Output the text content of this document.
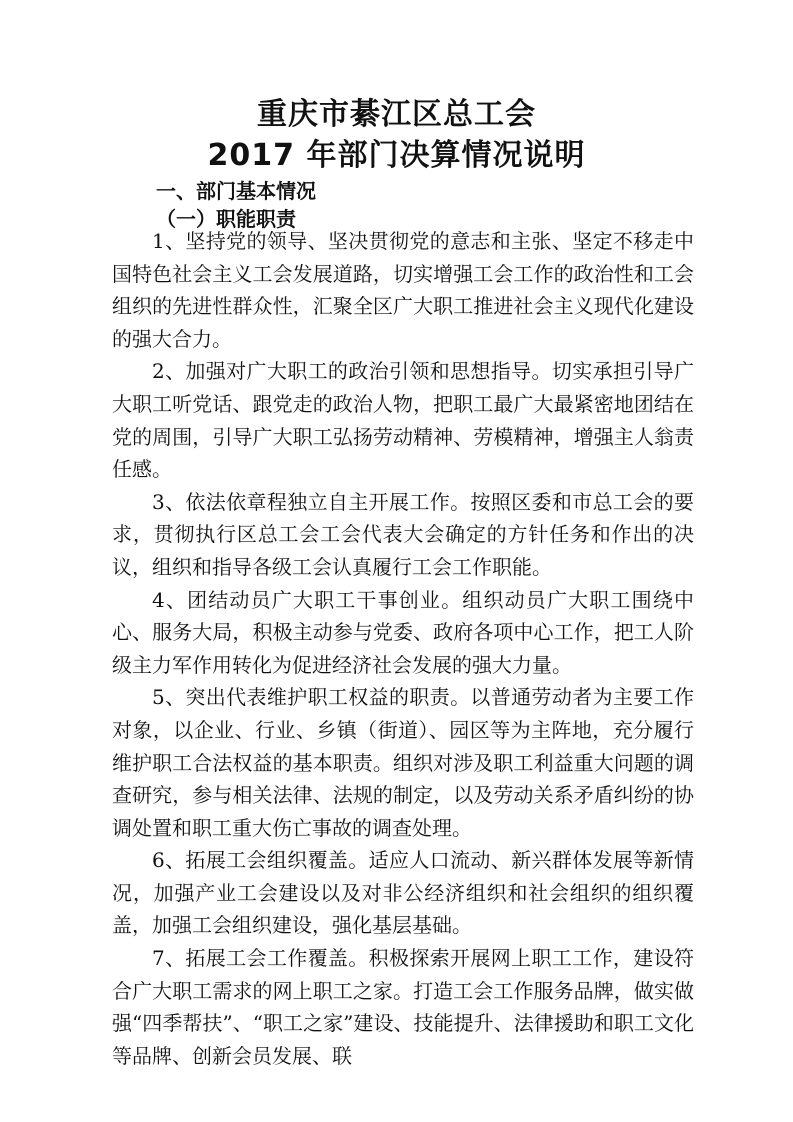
重庆市綦江区总工会
2017 年部门决算情况说明
一、部门基本情况
（一）职能职责

1、坚持党的领导、坚决贯彻党的意志和主张、坚定不移走中国特色社会主义工会发展道路，切实增强工会工作的政治性和工会组织的先进性群众性，汇聚全区广大职工推进社会主义现代化建设的强大合力。

2、加强对广大职工的政治引领和思想指导。切实承担引导广大职工听党话、跟党走的政治人物，把职工最广大最紧密地团结在党的周围，引导广大职工弘扬劳动精神、劳模精神，增强主人翁责任感。

3、依法依章程独立自主开展工作。按照区委和市总工会的要求，贯彻执行区总工会工会代表大会确定的方针任务和作出的决议，组织和指导各级工会认真履行工会工作职能。

4、团结动员广大职工干事创业。组织动员广大职工围绕中心、服务大局，积极主动参与党委、政府各项中心工作，把工人阶级主力军作用转化为促进经济社会发展的强大力量。

5、突出代表维护职工权益的职责。以普通劳动者为主要工作对象，以企业、行业、乡镇（街道）、园区等为主阵地，充分履行维护职工合法权益的基本职责。组织对涉及职工利益重大问题的调查研究，参与相关法律、法规的制定，以及劳动关系矛盾纠纷的协调处置和职工重大伤亡事故的调查处理。

6、拓展工会组织覆盖。适应人口流动、新兴群体发展等新情况，加强产业工会建设以及对非公经济组织和社会组织的组织覆盖，加强工会组织建设，强化基层基础。

7、拓展工会工作覆盖。积极探索开展网上职工工作，建设符合广大职工需求的网上职工之家。打造工会工作服务品牌，做实做强“四季帮扶”、“职工之家”建设、技能提升、法律援助和职工文化等品牌、创新会员发展、联
